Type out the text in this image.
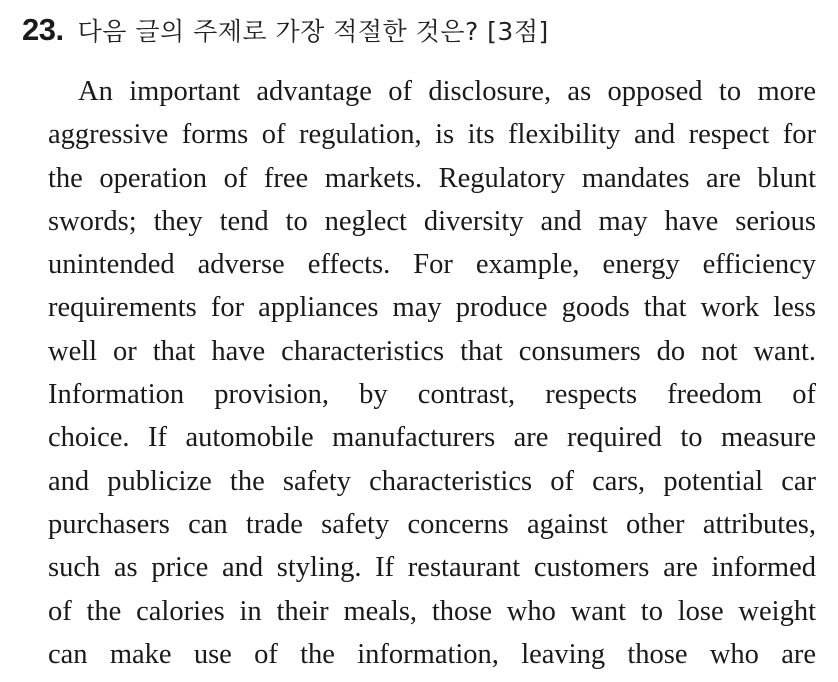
23. 다음 글의 주제로 가장 적절한 것은? [3점]
An important advantage of disclosure, as opposed to more
aggressive forms of regulation, is its flexibility and respect for
the operation of free markets. Regulatory mandates are blunt
swords; they tend to neglect diversity and may have serious
unintended adverse effects. For example, energy efficiency
requirements for appliances may produce goods that work less
well or that have characteristics that consumers do not want.
Information provision, by contrast, respects freedom of
choice. If automobile manufacturers are required to measure
and publicize the safety characteristics of cars, potential car
purchasers can trade safety concerns against other attributes,
such as price and styling. If restaurant customers are informed
of the calories in their meals, those who want to lose weight
can make use of the information, leaving those who are
